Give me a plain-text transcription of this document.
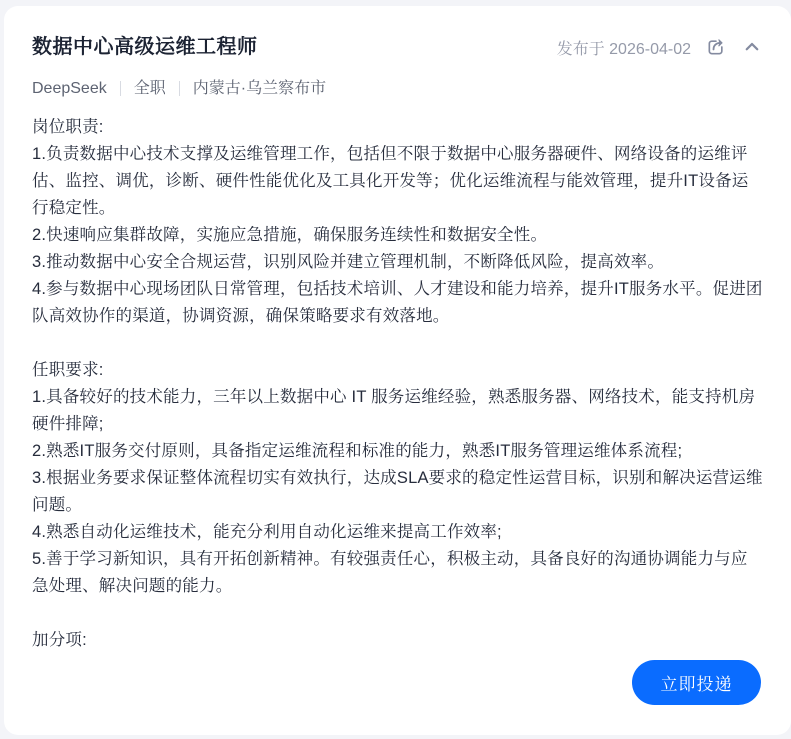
数据中心高级运维工程师	发布于 2026-04-02
DeepSeek 全职 内蒙古·乌兰察布市

岗位职责:

1.负责数据中心技术支撑及运维管理工作，包括但不限于数据中心服务器硬件、网络设备的运维评估、监控、调优，诊断、硬件性能优化及工具化开发等；优化运维流程与能效管理，提升IT设备运行稳定性。

2.快速响应集群故障，实施应急措施，确保服务连续性和数据安全性。

3.推动数据中心安全合规运营，识别风险并建立管理机制，不断降低风险，提高效率。

4.参与数据中心现场团队日常管理，包括技术培训、人才建设和能力培养，提升IT服务水平。促进团队高效协作的渠道，协调资源，确保策略要求有效落地。

任职要求:

1.具备较好的技术能力，三年以上数据中心 IT 服务运维经验，熟悉服务器、网络技术，能支持机房硬件排障;

2.熟悉IT服务交付原则，具备指定运维流程和标准的能力，熟悉IT服务管理运维体系流程;

3.根据业务要求保证整体流程切实有效执行，达成SLA要求的稳定性运营目标，识别和解决运营运维问题。

4.熟悉自动化运维技术，能充分利用自动化运维来提高工作效率;

5.善于学习新知识，具有开拓创新精神。有较强责任心，积极主动，具备良好的沟通协调能力与应急处理、解决问题的能力。

加分项:

立即投递
